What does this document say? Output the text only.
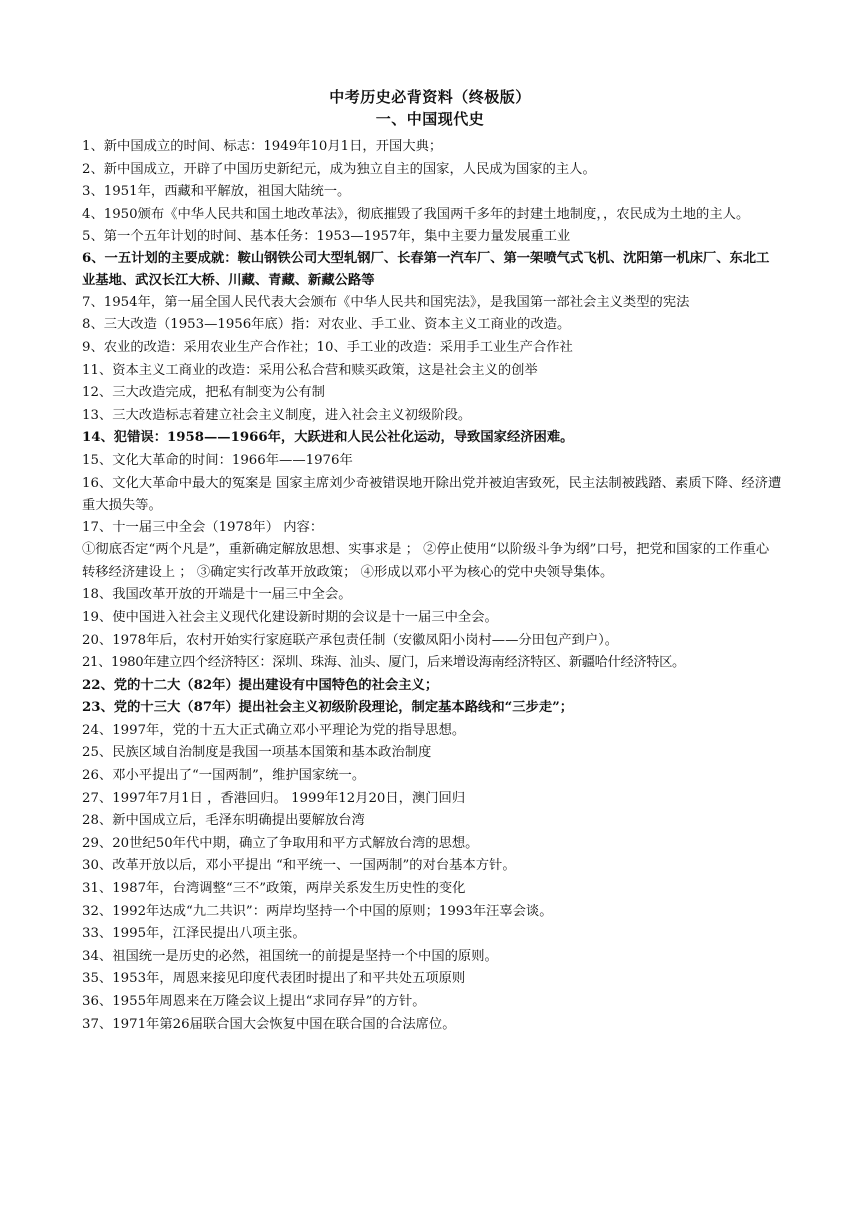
中考历史必背资料（终极版）
一、中国现代史
1、新中国成立的时间、标志：1949年10月1日，开国大典；
2、新中国成立，开辟了中国历史新纪元，成为独立自主的国家，人民成为国家的主人。
3、1951年，西藏和平解放，祖国大陆统一。
4、1950颁布《中华人民共和国土地改革法》，彻底摧毁了我国两千多年的封建土地制度，，农民成为土地的主人。
5、第一个五年计划的时间、基本任务：1953—1957年，集中主要力量发展重工业
6、一五计划的主要成就：鞍山钢铁公司大型轧钢厂、长春第一汽车厂、第一架喷气式飞机、沈阳第一机床厂、东北工业基地、武汉长江大桥、川藏、青藏、新藏公路等
7、1954年，第一届全国人民代表大会颁布《中华人民共和国宪法》，是我国第一部社会主义类型的宪法
8、三大改造（1953—1956年底）指：对农业、手工业、资本主义工商业的改造。
9、农业的改造：采用农业生产合作社；10、手工业的改造：采用手工业生产合作社
11、资本主义工商业的改造：采用公私合营和赎买政策，这是社会主义的创举
12、三大改造完成，把私有制变为公有制
13、三大改造标志着建立社会主义制度，进入社会主义初级阶段。
14、犯错误：1958——1966年，大跃进和人民公社化运动，导致国家经济困难。
15、文化大革命的时间：1966年——1976年
16、文化大革命中最大的冤案是 国家主席刘少奇被错误地开除出党并被迫害致死，民主法制被践踏、素质下降、经济遭重大损失等。
17、十一届三中全会（1978年） 内容：
①彻底否定“两个凡是”，重新确定解放思想、实事求是 ； ②停止使用“以阶级斗争为纲”口号，把党和国家的工作重心转移经济建设上 ； ③确定实行改革开放政策； ④形成以邓小平为核心的党中央领导集体。
18、我国改革开放的开端是十一届三中全会。
19、使中国进入社会主义现代化建设新时期的会议是十一届三中全会。
20、1978年后，农村开始实行家庭联产承包责任制（安徽凤阳小岗村——分田包产到户）。
21、1980年建立四个经济特区：深圳、珠海、汕头、厦门，后来增设海南经济特区、新疆哈什经济特区。
22、党的十二大（82年）提出建设有中国特色的社会主义；
23、党的十三大（87年）提出社会主义初级阶段理论，制定基本路线和“三步走”；
24、1997年，党的十五大正式确立邓小平理论为党的指导思想。
25、民族区域自治制度是我国一项基本国策和基本政治制度
26、邓小平提出了“一国两制”，维护国家统一。
27、1997年7月1日 ，香港回归。 1999年12月20日，澳门回归
28、新中国成立后，毛泽东明确提出要解放台湾
29、20世纪50年代中期，确立了争取用和平方式解放台湾的思想。
30、改革开放以后，邓小平提出 “和平统一、一国两制”的对台基本方针。
31、1987年，台湾调整“三不”政策，两岸关系发生历史性的变化
32、1992年达成“九二共识”：两岸均坚持一个中国的原则；1993年汪辜会谈。
33、1995年，江泽民提出八项主张。
34、祖国统一是历史的必然，祖国统一的前提是坚持一个中国的原则。
35、1953年，周恩来接见印度代表团时提出了和平共处五项原则
36、1955年周恩来在万隆会议上提出“求同存异”的方针。
37、1971年第26届联合国大会恢复中国在联合国的合法席位。
